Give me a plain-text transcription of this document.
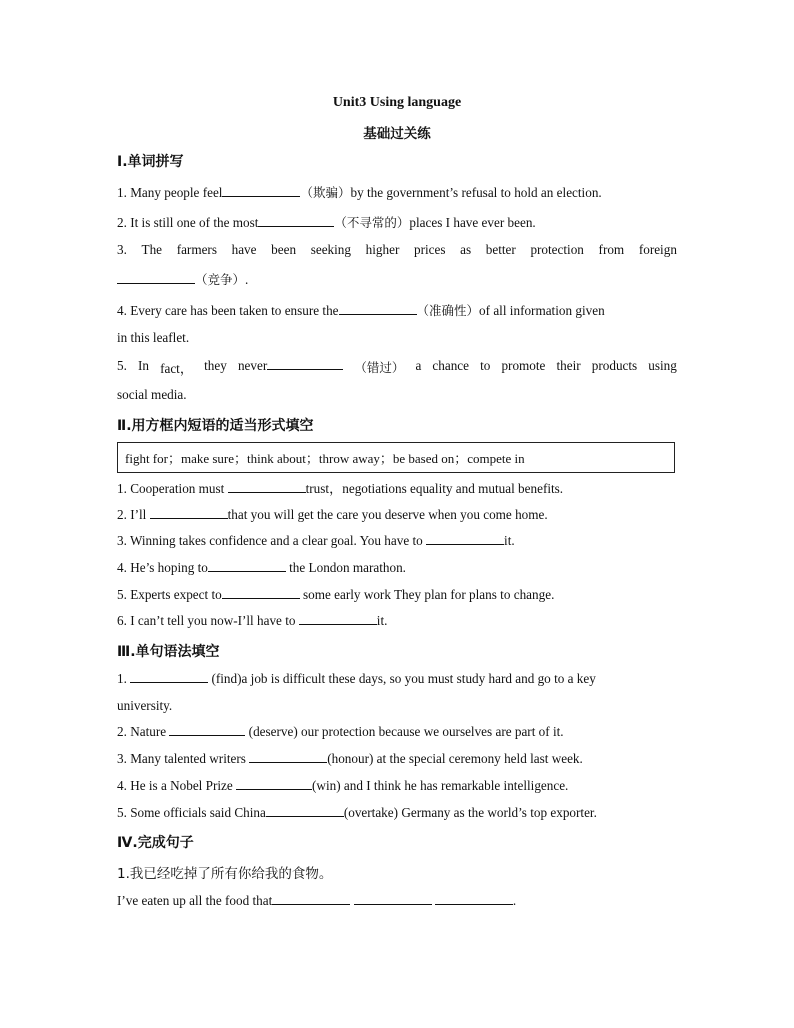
Unit3 Using language
基础过关练
Ⅰ.单词拼写
1. Many people feel	（欺骗）by the government’s refusal to hold an election.
2. It is still one of the most	（不寻常的）places I have ever been.
3. The farmers have been seeking higher prices as better protection from foreign
（竞争）.
4. Every care has been taken to ensure the	（准确性）of all information given
in this leaflet.
5. In fact， they never	（错过） a chance to promote their products using
social media.
Ⅱ.用方框内短语的适当形式填空
fight for；make sure；think about；throw away；be based on；compete in
1. Cooperation must	trust，negotiations equality and mutual benefits.
2. I’ll	that you will get the care you deserve when you come home.
3. Winning takes confidence and a clear goal. You have to	it.
4. He’s hoping to	the London marathon.
5. Experts expect to	some early work They plan for plans to change.
6. I can’t tell you now-I’ll have to	it.
Ⅲ.单句语法填空
1.	(find)a job is difficult these days, so you must study hard and go to a key
university.
2. Nature	(deserve) our protection because we ourselves are part of it.
3. Many talented writers	(honour) at the special ceremony held last week.
4. He is a Nobel Prize	(win) and I think he has remarkable intelligence.
5. Some officials said China	(overtake) Germany as the world’s top exporter.
Ⅳ.完成句子
1.我已经吃掉了所有你给我的食物。
I’ve eaten up all the food that	.
